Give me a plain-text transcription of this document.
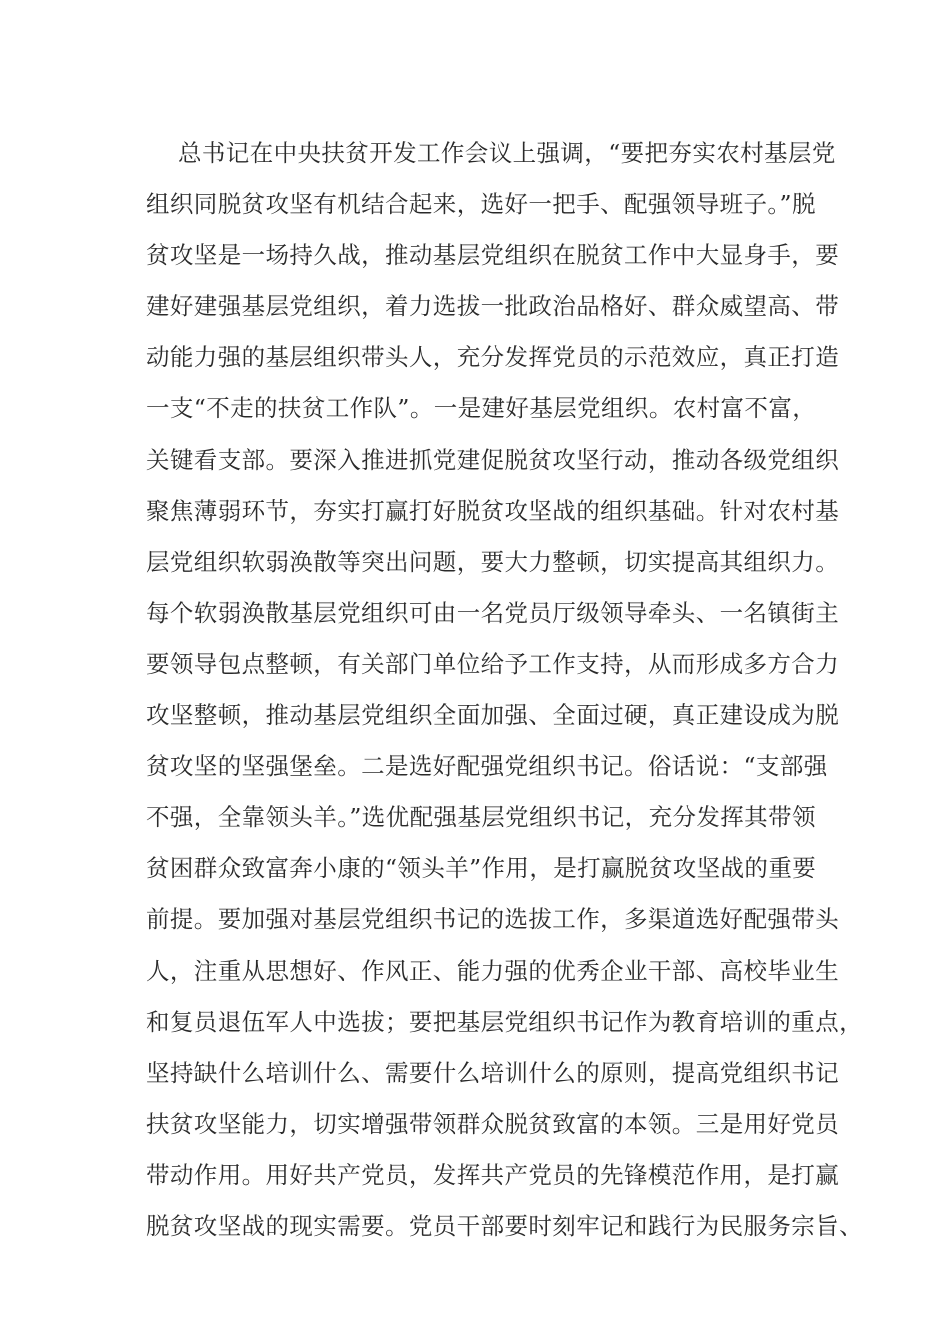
总书记在中央扶贫开发工作会议上强调，“要把夯实农村基层党
组织同脱贫攻坚有机结合起来，选好一把手、配强领导班子。”脱
贫攻坚是一场持久战，推动基层党组织在脱贫工作中大显身手，要
建好建强基层党组织，着力选拔一批政治品格好、群众威望高、带
动能力强的基层组织带头人，充分发挥党员的示范效应，真正打造
一支“不走的扶贫工作队”。一是建好基层党组织。农村富不富，
关键看支部。要深入推进抓党建促脱贫攻坚行动，推动各级党组织
聚焦薄弱环节，夯实打赢打好脱贫攻坚战的组织基础。针对农村基
层党组织软弱涣散等突出问题，要大力整顿，切实提高其组织力。
每个软弱涣散基层党组织可由一名党员厅级领导牵头、一名镇街主
要领导包点整顿，有关部门单位给予工作支持，从而形成多方合力
攻坚整顿，推动基层党组织全面加强、全面过硬，真正建设成为脱
贫攻坚的坚强堡垒。二是选好配强党组织书记。俗话说：“支部强
不强，全靠领头羊。”选优配强基层党组织书记，充分发挥其带领
贫困群众致富奔小康的“领头羊”作用，是打赢脱贫攻坚战的重要
前提。要加强对基层党组织书记的选拔工作，多渠道选好配强带头
人，注重从思想好、作风正、能力强的优秀企业干部、高校毕业生
和复员退伍军人中选拔；要把基层党组织书记作为教育培训的重点，
坚持缺什么培训什么、需要什么培训什么的原则，提高党组织书记
扶贫攻坚能力，切实增强带领群众脱贫致富的本领。三是用好党员
带动作用。用好共产党员，发挥共产党员的先锋模范作用，是打赢
脱贫攻坚战的现实需要。党员干部要时刻牢记和践行为民服务宗旨、
